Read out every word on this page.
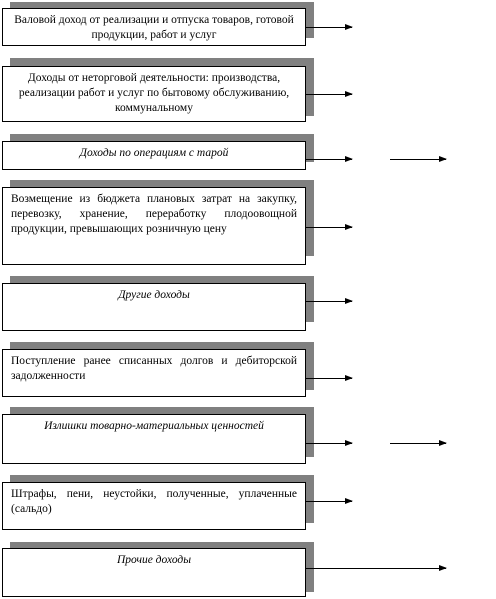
Валовой доход от реализации и отпуска товаров, готовой продукции, работ и услуг
Доходы от неторговой деятельности: производства, реализации работ и услуг по бытовому обслуживанию, коммунальному
Доходы по операциям с тарой
Возмещение из бюджета плановых затрат на закупку, перевозку, хранение, переработку плодоовощной продукции, превышающих розничную цену
Другие доходы
Поступление ранее списанных долгов и дебиторской задолженности
Излишки товарно-материальных ценностей
Штрафы, пени, неустойки, полученные, уплаченные (сальдо)
Прочие доходы
